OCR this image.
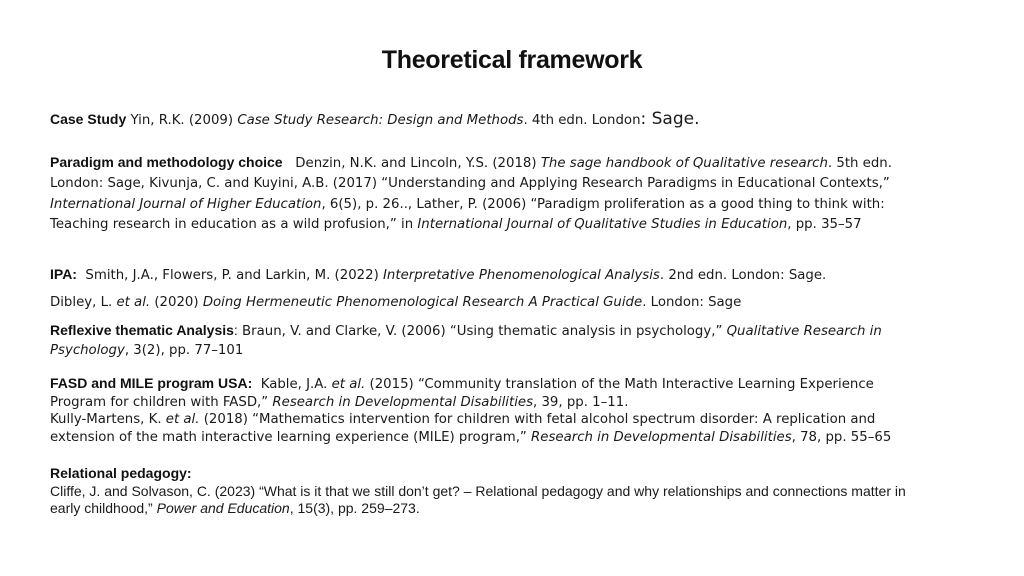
Theoretical framework
Case Study Yin, R.K. (2009) Case Study Research: Design and Methods. 4th edn. London: Sage.
Paradigm and methodology choice   Denzin, N.K. and Lincoln, Y.S. (2018) The sage handbook of Qualitative research. 5th edn. London: Sage, Kivunja, C. and Kuyini, A.B. (2017) “Understanding and Applying Research Paradigms in Educational Contexts,” International Journal of Higher Education, 6(5), p. 26.., Lather, P. (2006) “Paradigm proliferation as a good thing to think with: Teaching research in education as a wild profusion,” in International Journal of Qualitative Studies in Education, pp. 35–57
IPA:  Smith, J.A., Flowers, P. and Larkin, M. (2022) Interpretative Phenomenological Analysis. 2nd edn. London: Sage.
Dibley, L. et al. (2020) Doing Hermeneutic Phenomenological Research A Practical Guide. London: Sage
Reflexive thematic Analysis: Braun, V. and Clarke, V. (2006) “Using thematic analysis in psychology,” Qualitative Research in Psychology, 3(2), pp. 77–101
FASD and MILE program USA:  Kable, J.A. et al. (2015) “Community translation of the Math Interactive Learning Experience Program for children with FASD,” Research in Developmental Disabilities, 39, pp. 1–11.
Kully-Martens, K. et al. (2018) “Mathematics intervention for children with fetal alcohol spectrum disorder: A replication and extension of the math interactive learning experience (MILE) program,” Research in Developmental Disabilities, 78, pp. 55–65
Relational pedagogy:
Cliffe, J. and Solvason, C. (2023) “What is it that we still don’t get? – Relational pedagogy and why relationships and connections matter in early childhood,” Power and Education, 15(3), pp. 259–273.
